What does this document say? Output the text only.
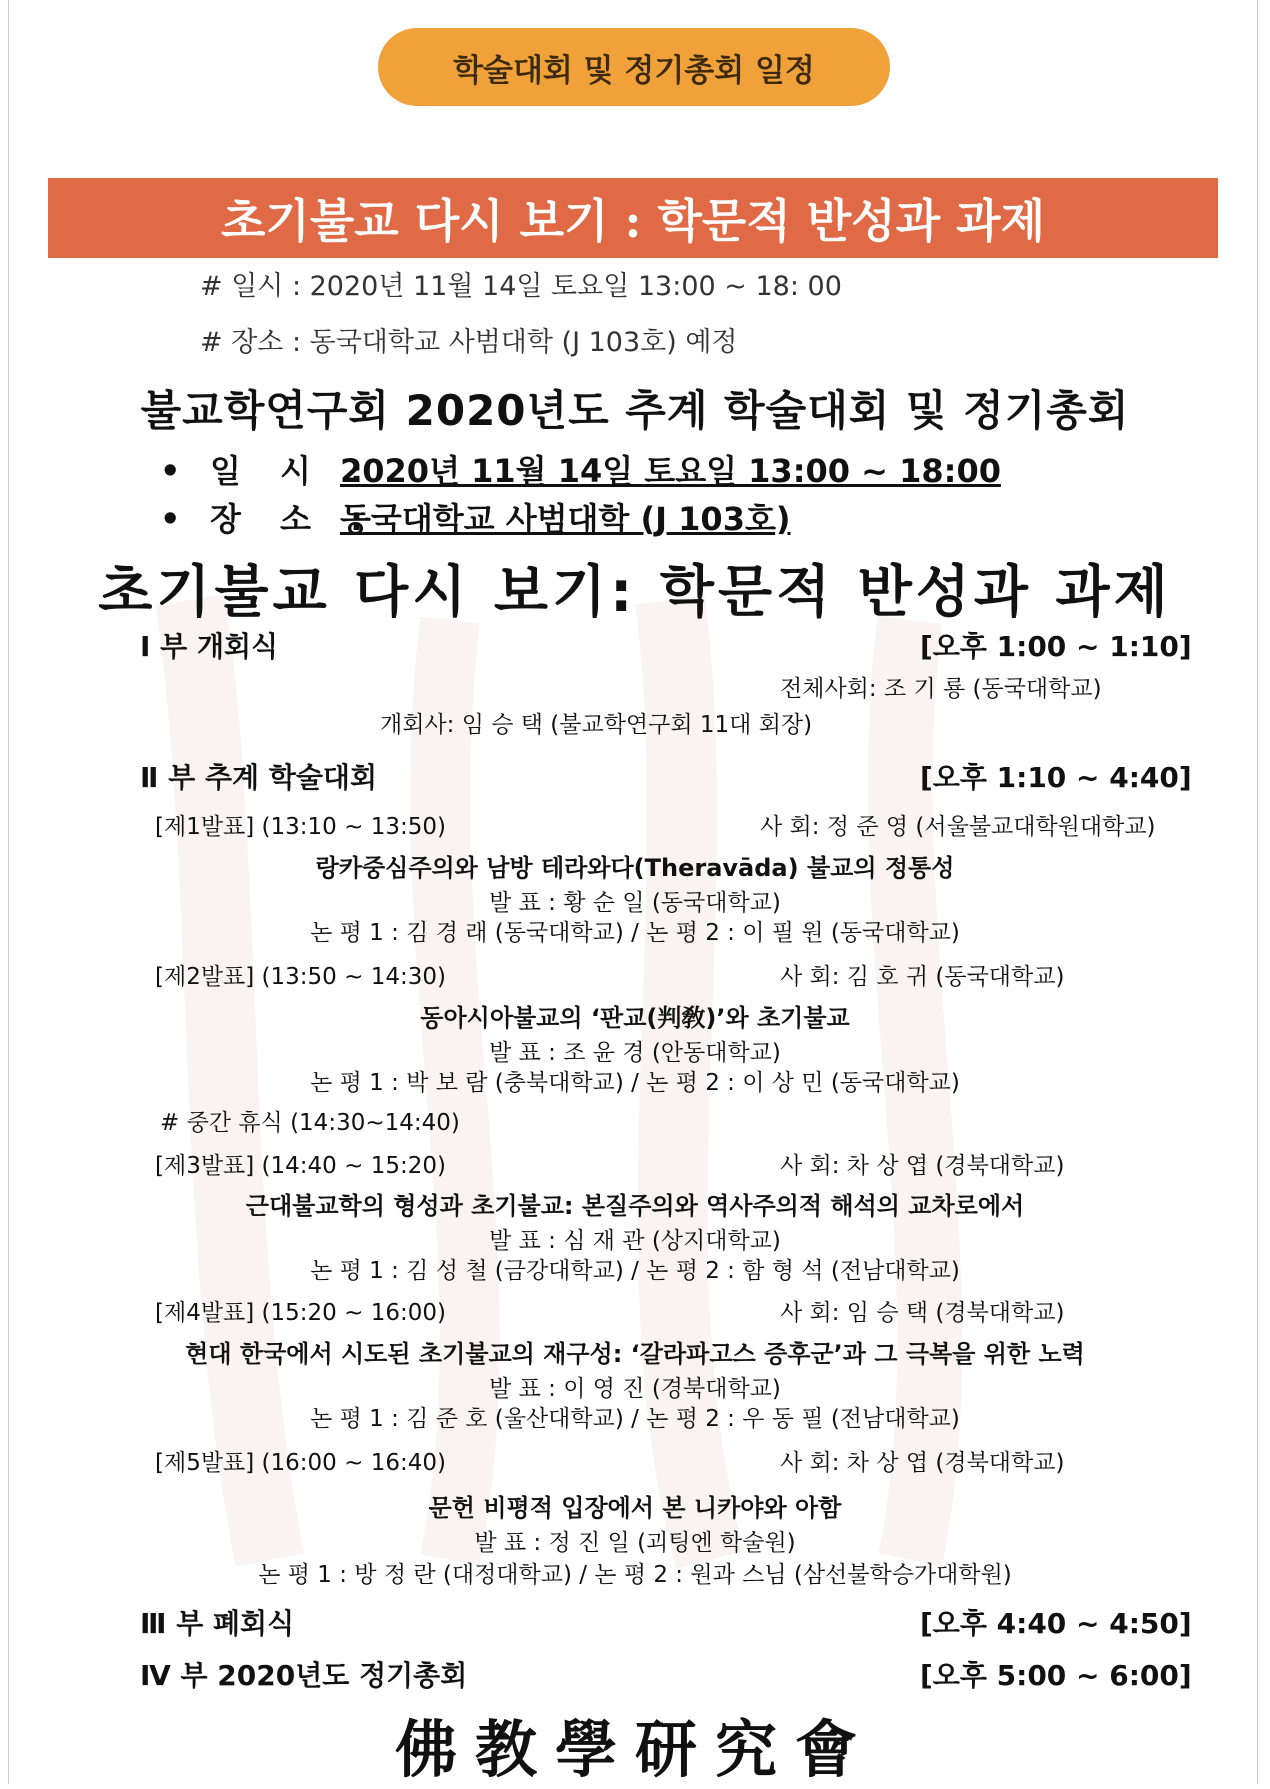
학술대회 및 정기총회 일정
초기불교 다시 보기 : 학문적 반성과 과제
# 일시 : 2020년 11월 14일 토요일 13:00 ~ 18: 00
# 장소 : 동국대학교 사범대학 (J 103호) 예정
불교학연구회 2020년도 추계 학술대회 및 정기총회
• 일 시 :2020년 11월 14일 토요일 13:00 ~ 18:00
• 장 소 :동국대학교 사범대학 (J 103호)
초기불교 다시 보기: 학문적 반성과 과제
Ⅰ 부 개회식	[오후 1:00 ~ 1:10]
전체사회: 조 기 룡 (동국대학교)
개회사: 임 승 택 (불교학연구회 11대 회장)
Ⅱ 부 추계 학술대회	[오후 1:10 ~ 4:40]
[제1발표] (13:10 ~ 13:50)	사 회: 정 준 영 (서울불교대학원대학교)
랑카중심주의와 남방 테라와다(Theravāda) 불교의 정통성
발 표 : 황 순 일 (동국대학교)
논 평 1 : 김 경 래 (동국대학교) / 논 평 2 : 이 필 원 (동국대학교)
[제2발표] (13:50 ~ 14:30)	사 회: 김 호 귀 (동국대학교)
동아시아불교의 ‘판교(判敎)’와 초기불교
발 표 : 조 윤 경 (안동대학교)
논 평 1 : 박 보 람 (충북대학교) / 논 평 2 : 이 상 민 (동국대학교)
# 중간 휴식 (14:30~14:40)
[제3발표] (14:40 ~ 15:20)	사 회: 차 상 엽 (경북대학교)
근대불교학의 형성과 초기불교: 본질주의와 역사주의적 해석의 교차로에서
발 표 : 심 재 관 (상지대학교)
논 평 1 : 김 성 철 (금강대학교) / 논 평 2 : 함 형 석 (전남대학교)
[제4발표] (15:20 ~ 16:00)	사 회: 임 승 택 (경북대학교)
현대 한국에서 시도된 초기불교의 재구성: ‘갈라파고스 증후군’과 그 극복을 위한 노력
발 표 : 이 영 진 (경북대학교)
논 평 1 : 김 준 호 (울산대학교) / 논 평 2 : 우 동 필 (전남대학교)
[제5발표] (16:00 ~ 16:40)	사 회: 차 상 엽 (경북대학교)
문헌 비평적 입장에서 본 니카야와 아함
발 표 : 정 진 일 (괴팅엔 학술원)
논 평 1 : 방 정 란 (대정대학교) / 논 평 2 : 원과 스님 (삼선불학승가대학원)
Ⅲ 부 폐회식	[오후 4:40 ~ 4:50]
Ⅳ 부 2020년도 정기총회	[오후 5:00 ~ 6:00]
佛教學研究會
